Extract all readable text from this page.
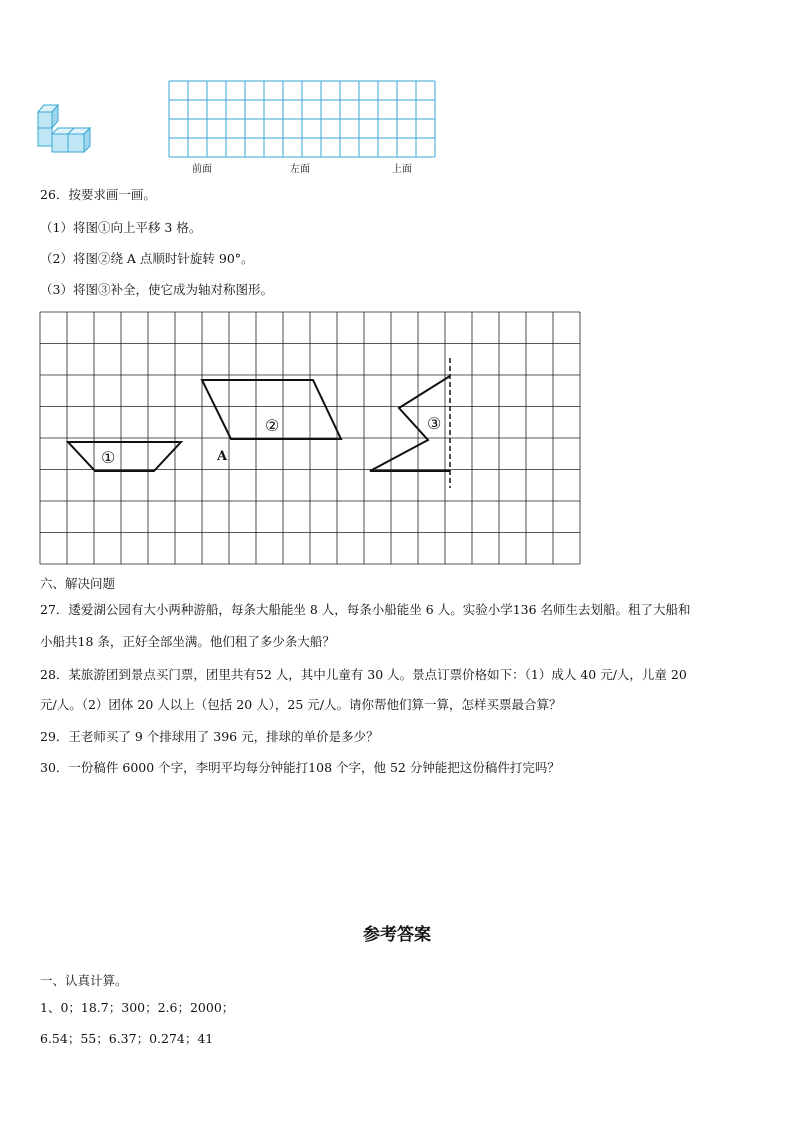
前面	左面	上面
26．按要求画一画。
（1）将图①向上平移 3 格。
（2）将图②绕 A 点顺时针旋转 90°。
（3）将图③补全，使它成为轴对称图形。
①
②	③
A
六、解决问题
27．逶爱湖公园有大小两种游船，每条大船能坐 8 人，每条小船能坐 6 人。实验小学136 名师生去划船。租了大船和
小船共18 条，正好全部坐满。他们租了多少条大船？
28．某旅游团到景点买门票，团里共有52 人，其中儿童有 30 人。景点订票价格如下：（1）成人 40 元/人，儿童 20
元/人。（2）团体 20 人以上（包括 20 人），25 元/人。请你帮他们算一算，怎样买票最合算？
29．王老师买了 9 个排球用了 396 元，排球的单价是多少？
30．一份稿件 6000 个字，李明平均每分钟能打108 个字，他 52 分钟能把这份稿件打完吗？
参考答案
一、认真计算。
1、0；18.7；300；2.6；2000；
6.54；55；6.37；0.274；41
